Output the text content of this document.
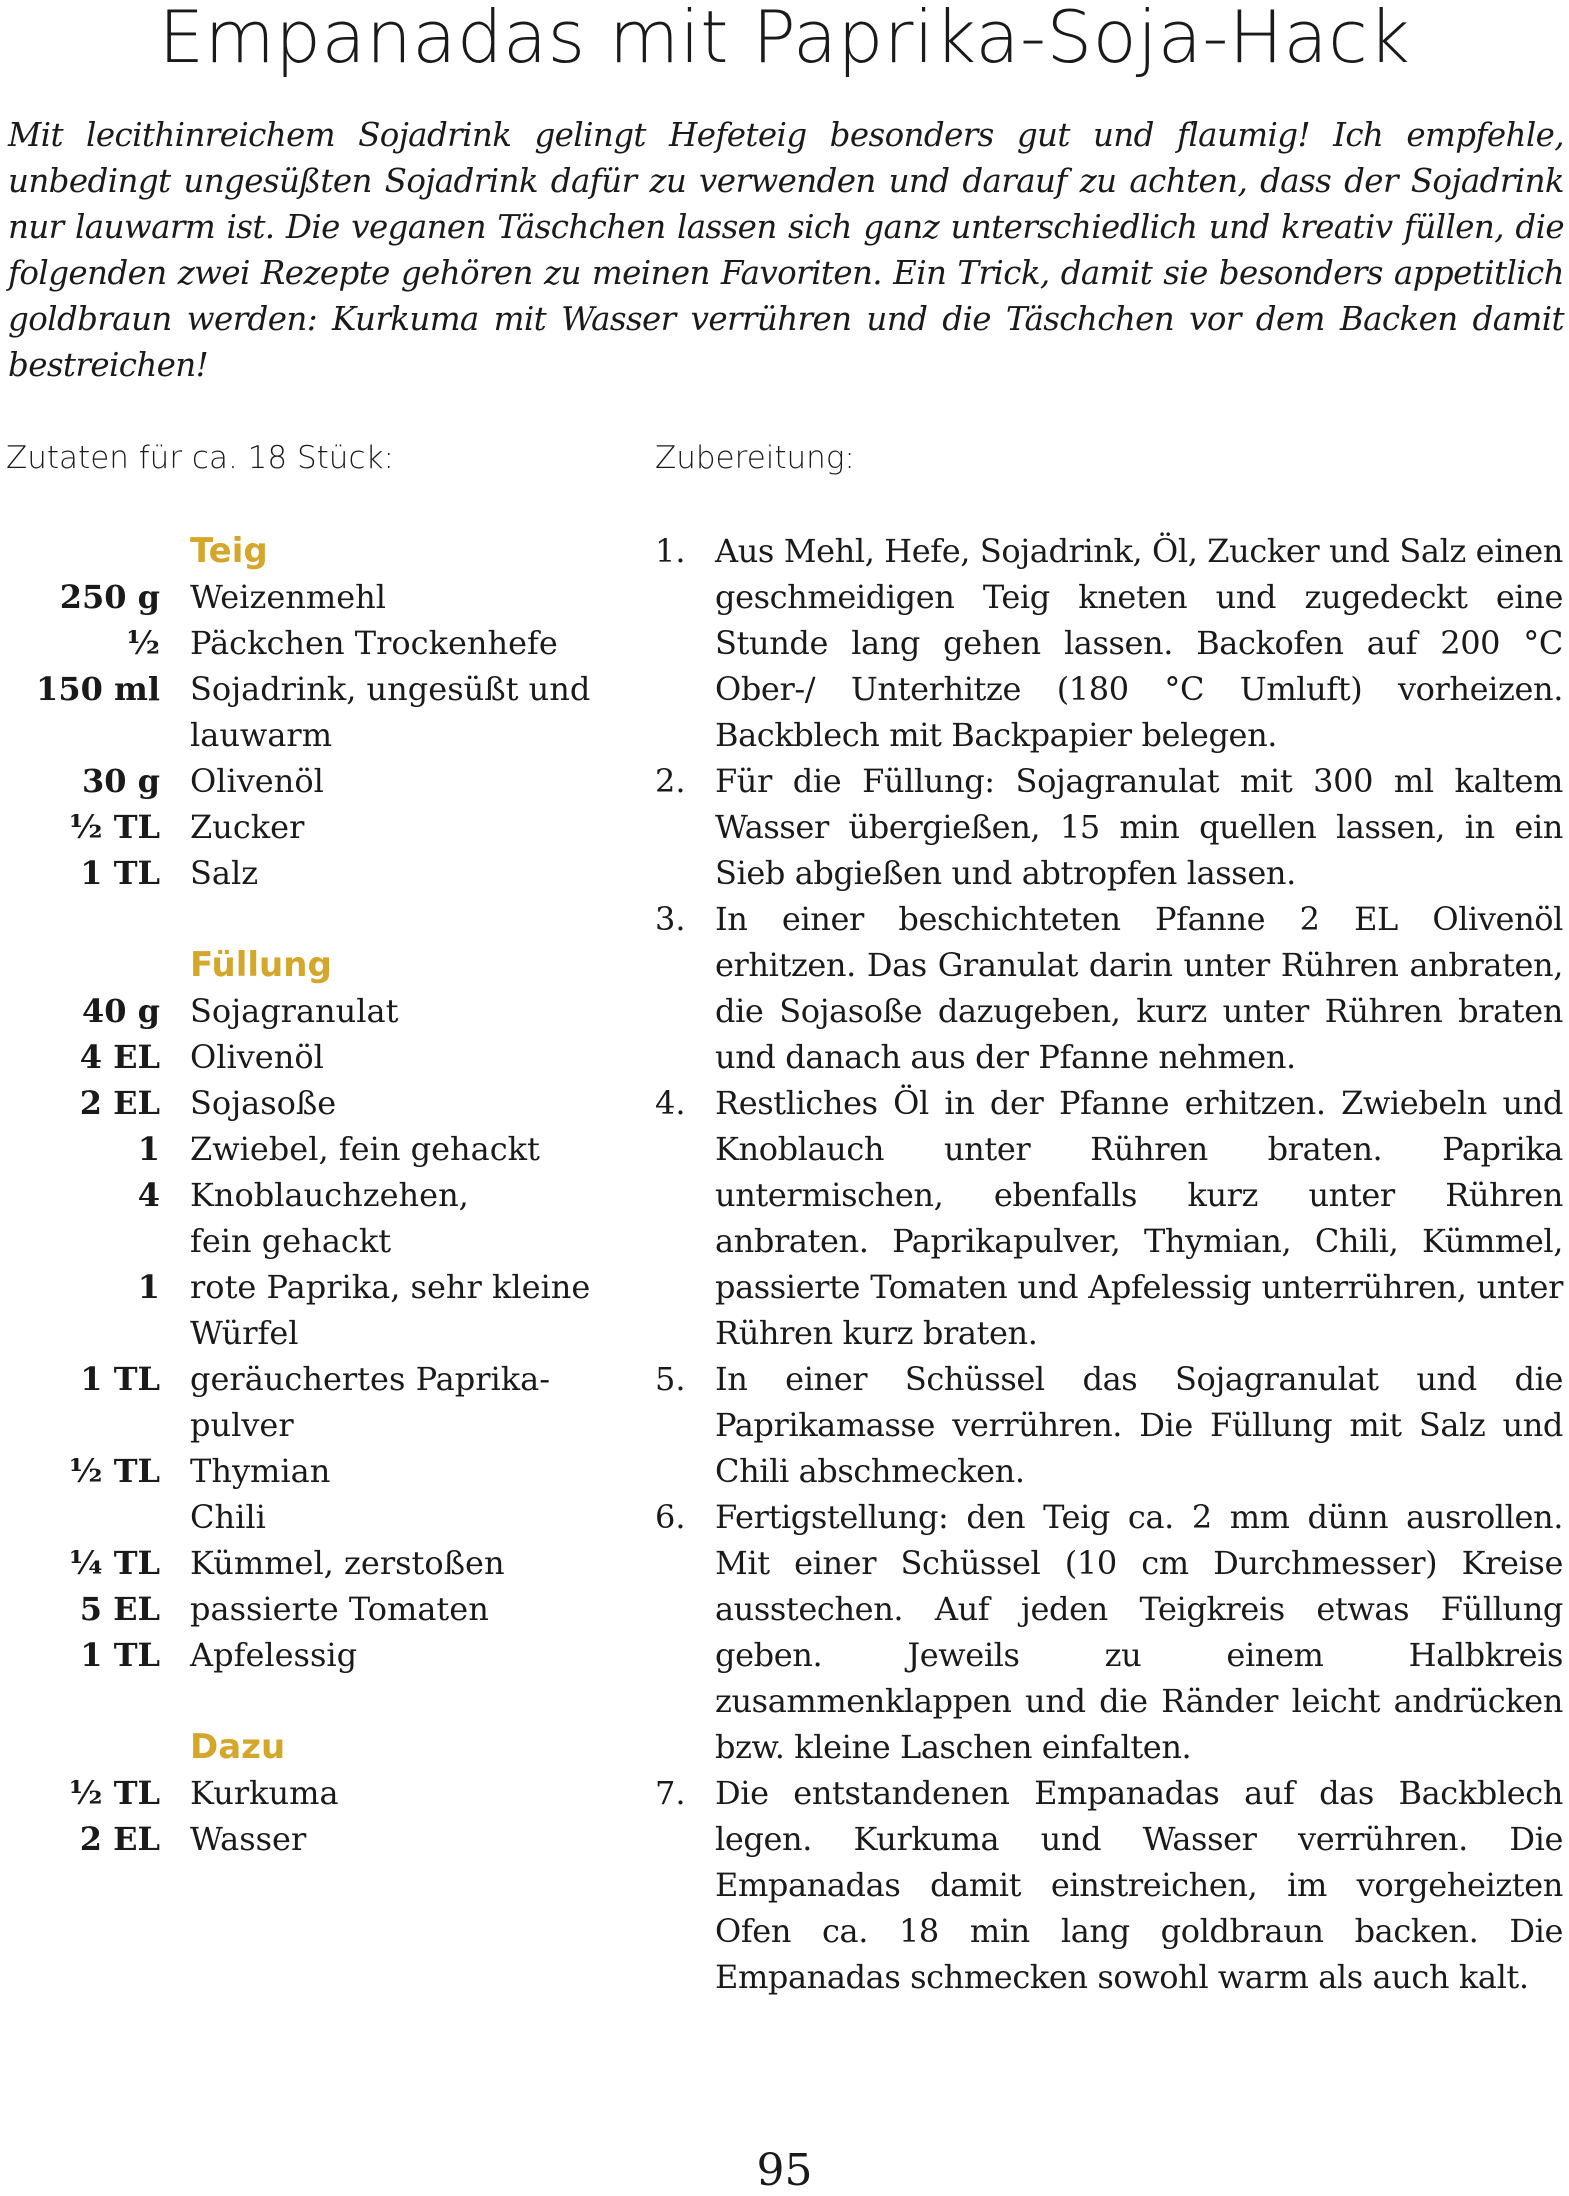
Empanadas mit Paprika-Soja-Hack

Mit lecithinreichem Sojadrink gelingt Hefeteig besonders gut und flaumig! Ich empfehle, unbedingt ungesüßten Sojadrink dafür zu verwenden und darauf zu achten, dass der Sojadrink nur lauwarm ist. Die veganen Täschchen lassen sich ganz unterschiedlich und kreativ füllen, die folgenden zwei Rezepte gehören zu meinen Favoriten. Ein Trick, damit sie besonders appetitlich goldbraun werden: Kurkuma mit Wasser verrühren und die Täschchen vor dem Backen damit bestreichen!

Zutaten für ca. 18 Stück:	Zubereitung:
Teig
250 g Weizenmehl
½ Päckchen Trockenhefe
150 ml Sojadrink, ungesüßt und
lauwarm
30 g Olivenöl
½ TL Zucker
1 TL Salz
Füllung
40 g Sojagranulat
4 EL Olivenöl
2 EL Sojasoße
1 Zwiebel, fein gehackt
4 Knoblauchzehen,
fein gehackt
1 rote Paprika, sehr kleine
Würfel
1 TL geräuchertes Paprika-
pulver
½ TL Thymian
Chili
¼ TL Kümmel, zerstoßen
5 EL passierte Tomaten
1 TL Apfelessig
Dazu
½ TL Kurkuma
2 EL Wasser
1. Aus Mehl, Hefe, Sojadrink, Öl, Zucker und Salz einen geschmeidigen Teig kneten und zugedeckt eine Stunde lang gehen lassen. Backofen auf 200 °C Ober-/ Unterhitze (180 °C Umluft) vorheizen. Backblech mit Backpapier belegen.
2. Für die Füllung: Sojagranulat mit 300 ml kaltem Wasser übergießen, 15 min quellen lassen, in ein Sieb abgießen und abtropfen lassen.
3. In einer beschichteten Pfanne 2 EL Olivenöl erhitzen. Das Granulat darin unter Rühren anbraten, die Sojasoße dazugeben, kurz unter Rühren braten und danach aus der Pfanne nehmen.
4. Restliches Öl in der Pfanne erhitzen. Zwiebeln und Knoblauch unter Rühren braten. Paprika untermischen, ebenfalls kurz unter Rühren anbraten. Paprikapulver, Thymian, Chili, Kümmel, passierte Tomaten und Apfelessig unterrühren, unter Rühren kurz braten.
5. In einer Schüssel das Sojagranulat und die Paprikamasse verrühren. Die Füllung mit Salz und Chili abschmecken.
6. Fertigstellung: den Teig ca. 2 mm dünn ausrollen. Mit einer Schüssel (10 cm Durchmesser) Kreise ausstechen. Auf jeden Teigkreis etwas Füllung geben. Jeweils zu einem Halbkreis zusammenklappen und die Ränder leicht andrücken bzw. kleine Laschen einfalten.
7. Die entstandenen Empanadas auf das Backblech legen. Kurkuma und Wasser verrühren. Die Empanadas damit einstreichen, im vorgeheizten Ofen ca. 18 min lang goldbraun backen. Die Empanadas schmecken sowohl warm als auch kalt.
95
